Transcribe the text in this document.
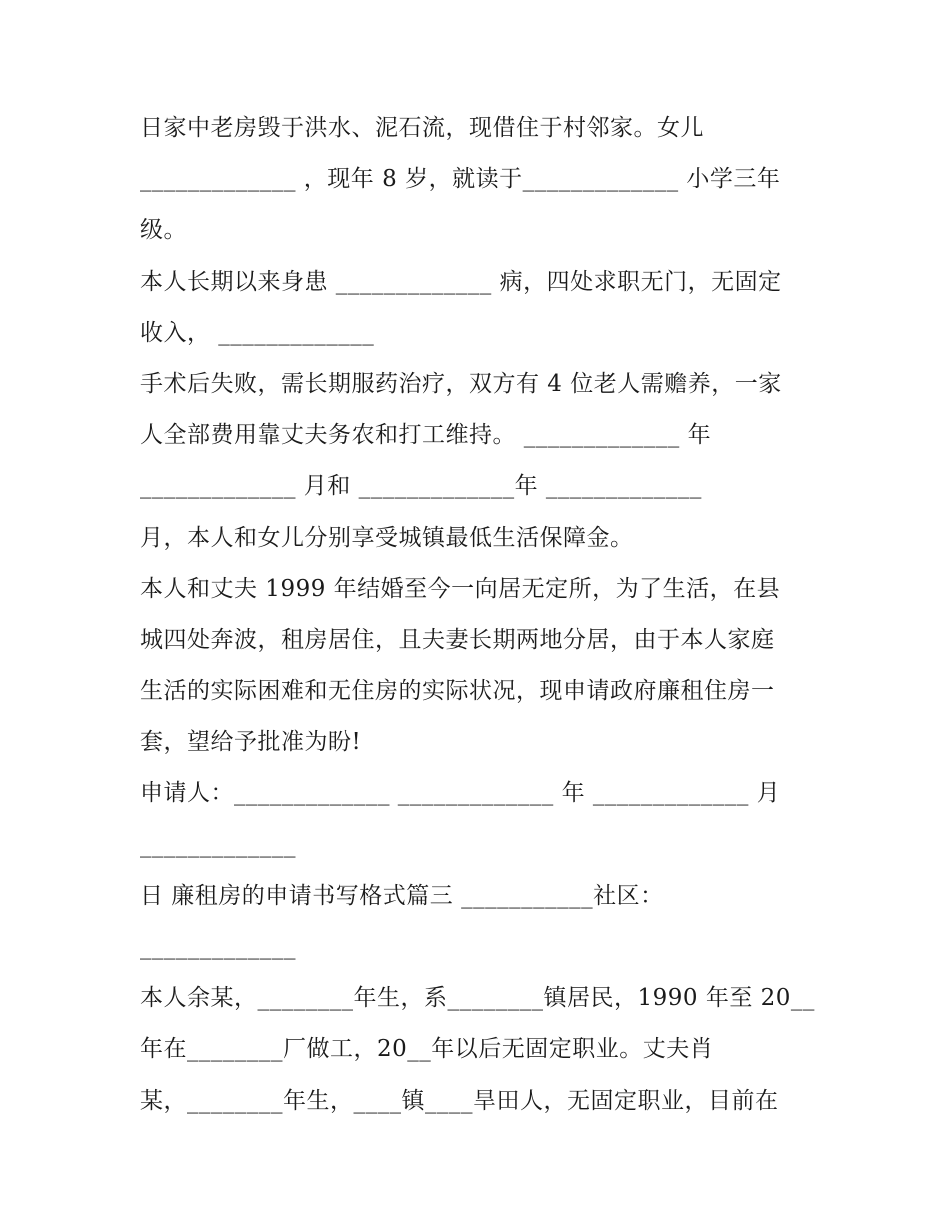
日家中老房毁于洪水、泥石流，现借住于村邻家。女儿
_____________ ，现年 8 岁，就读于_____________ 小学三年
级。
本人长期以来身患 _____________ 病，四处求职无门，无固定
收入， _____________
手术后失败，需长期服药治疗，双方有 4 位老人需赡养，一家
人全部费用靠丈夫务农和打工维持。 _____________ 年
_____________ 月和 _____________年 _____________
月，本人和女儿分别享受城镇最低生活保障金。
本人和丈夫 1999 年结婚至今一向居无定所，为了生活，在县
城四处奔波，租房居住，且夫妻长期两地分居，由于本人家庭
生活的实际困难和无住房的实际状况，现申请政府廉租住房一
套，望给予批准为盼!
申请人：_____________ _____________ 年 _____________ 月
_____________
日 廉租房的申请书写格式篇三 ___________社区：
_____________
本人余某，________年生，系________镇居民，1990 年至 20__
年在________厂做工，20__年以后无固定职业。丈夫肖
某，________年生，____镇____旱田人，无固定职业，目前在
